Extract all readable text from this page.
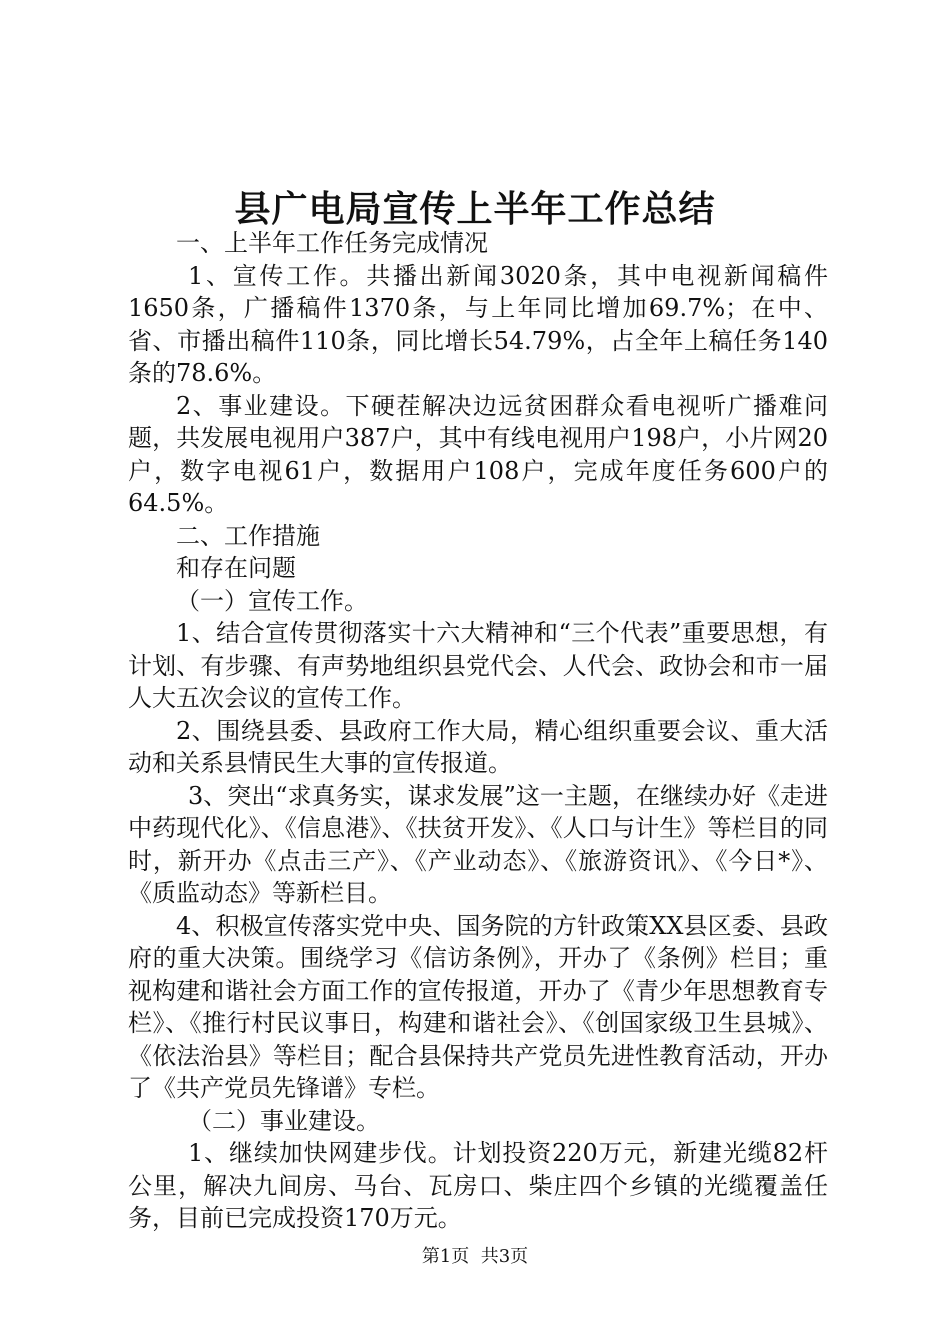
县广电局宣传上半年工作总结

一、上半年工作任务完成情况

1、宣传工作。共播出新闻3020条，其中电视新闻稿件1650条，广播稿件1370条，与上年同比增加69.7%；在中、省、市播出稿件110条，同比增长54.79%，占全年上稿任务140条的78.6%。

2、事业建设。下硬茬解决边远贫困群众看电视听广播难问题，共发展电视用户387户，其中有线电视用户198户，小片网20户，数字电视61户，数据用户108户，完成年度任务600户的64.5%。

二、工作措施

和存在问题

（一）宣传工作。

1、结合宣传贯彻落实十六大精神和“三个代表”重要思想，有计划、有步骤、有声势地组织县党代会、人代会、政协会和市一届人大五次会议的宣传工作。

2、围绕县委、县政府工作大局，精心组织重要会议、重大活动和关系县情民生大事的宣传报道。

3、突出“求真务实，谋求发展”这一主题，在继续办好《走进中药现代化》、《信息港》、《扶贫开发》、《人口与计生》等栏目的同时，新开办《点击三产》、《产业动态》、《旅游资讯》、《今日*》、《质监动态》等新栏目。

4、积极宣传落实党中央、国务院的方针政策XX县区委、县政府的重大决策。围绕学习《信访条例》，开办了《条例》栏目；重视构建和谐社会方面工作的宣传报道，开办了《青少年思想教育专栏》、《推行村民议事日，构建和谐社会》、《创国家级卫生县城》、《依法治县》等栏目；配合县保持共产党员先进性教育活动，开办了《共产党员先锋谱》专栏。

（二）事业建设。

1、继续加快网建步伐。计划投资220万元，新建光缆82杆公里，解决九间房、马台、瓦房口、柴庄四个乡镇的光缆覆盖任务，目前已完成投资170万元。

第1页 共3页
